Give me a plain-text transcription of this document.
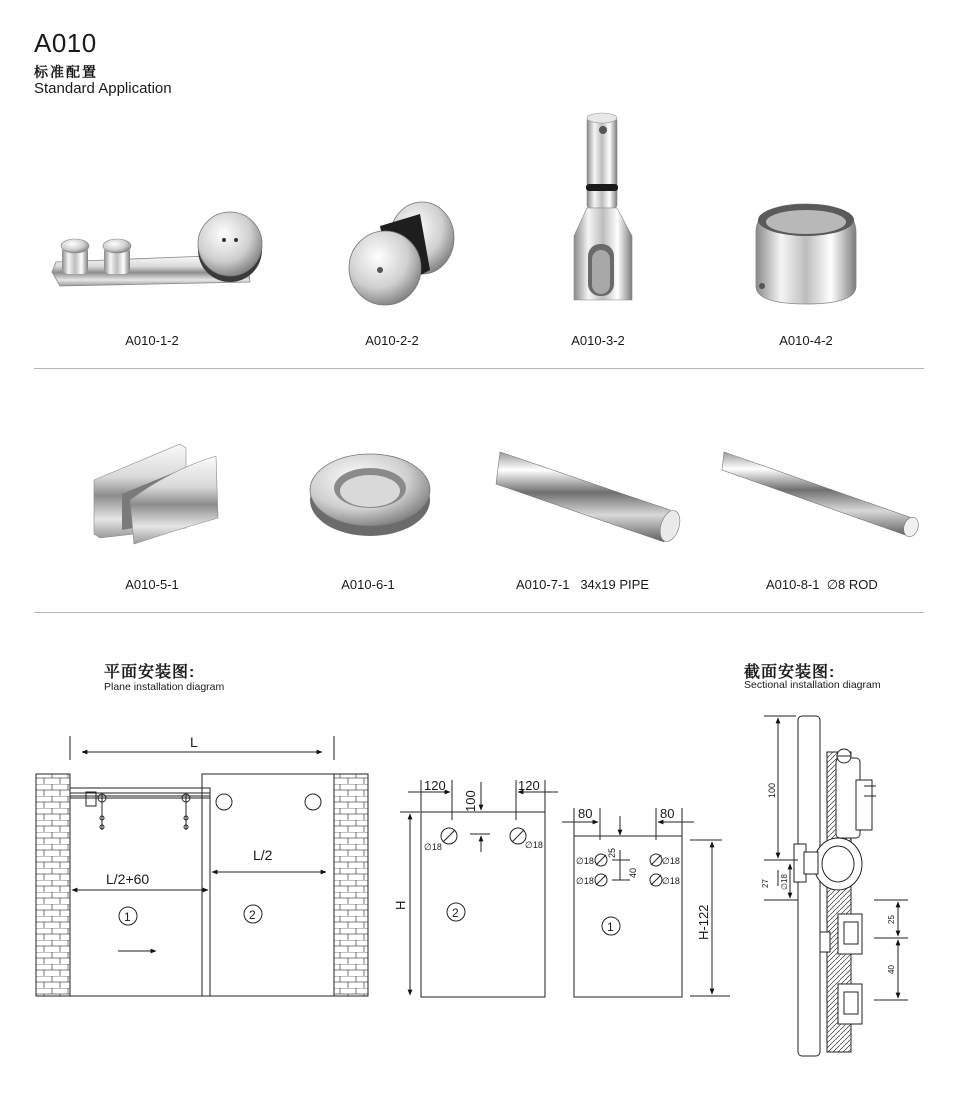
A010
标准配置
Standard Application
A010-1-2	A010-2-2	A010-3-2	A010-4-2
A010-5-1	A010-6-1	A010-7-1 34x19 PIPE	A010-8-1 ∅8 ROD
平面安装图:
Plane installation diagram
截面安装图:
Sectional installation diagram
L
L/2
L/2+60
1	2
120	120
100
∅18	∅18
H
2
80	80
25
40
∅18
∅18
∅18
∅18
H-122
1
100
27 ∅18
25
40
